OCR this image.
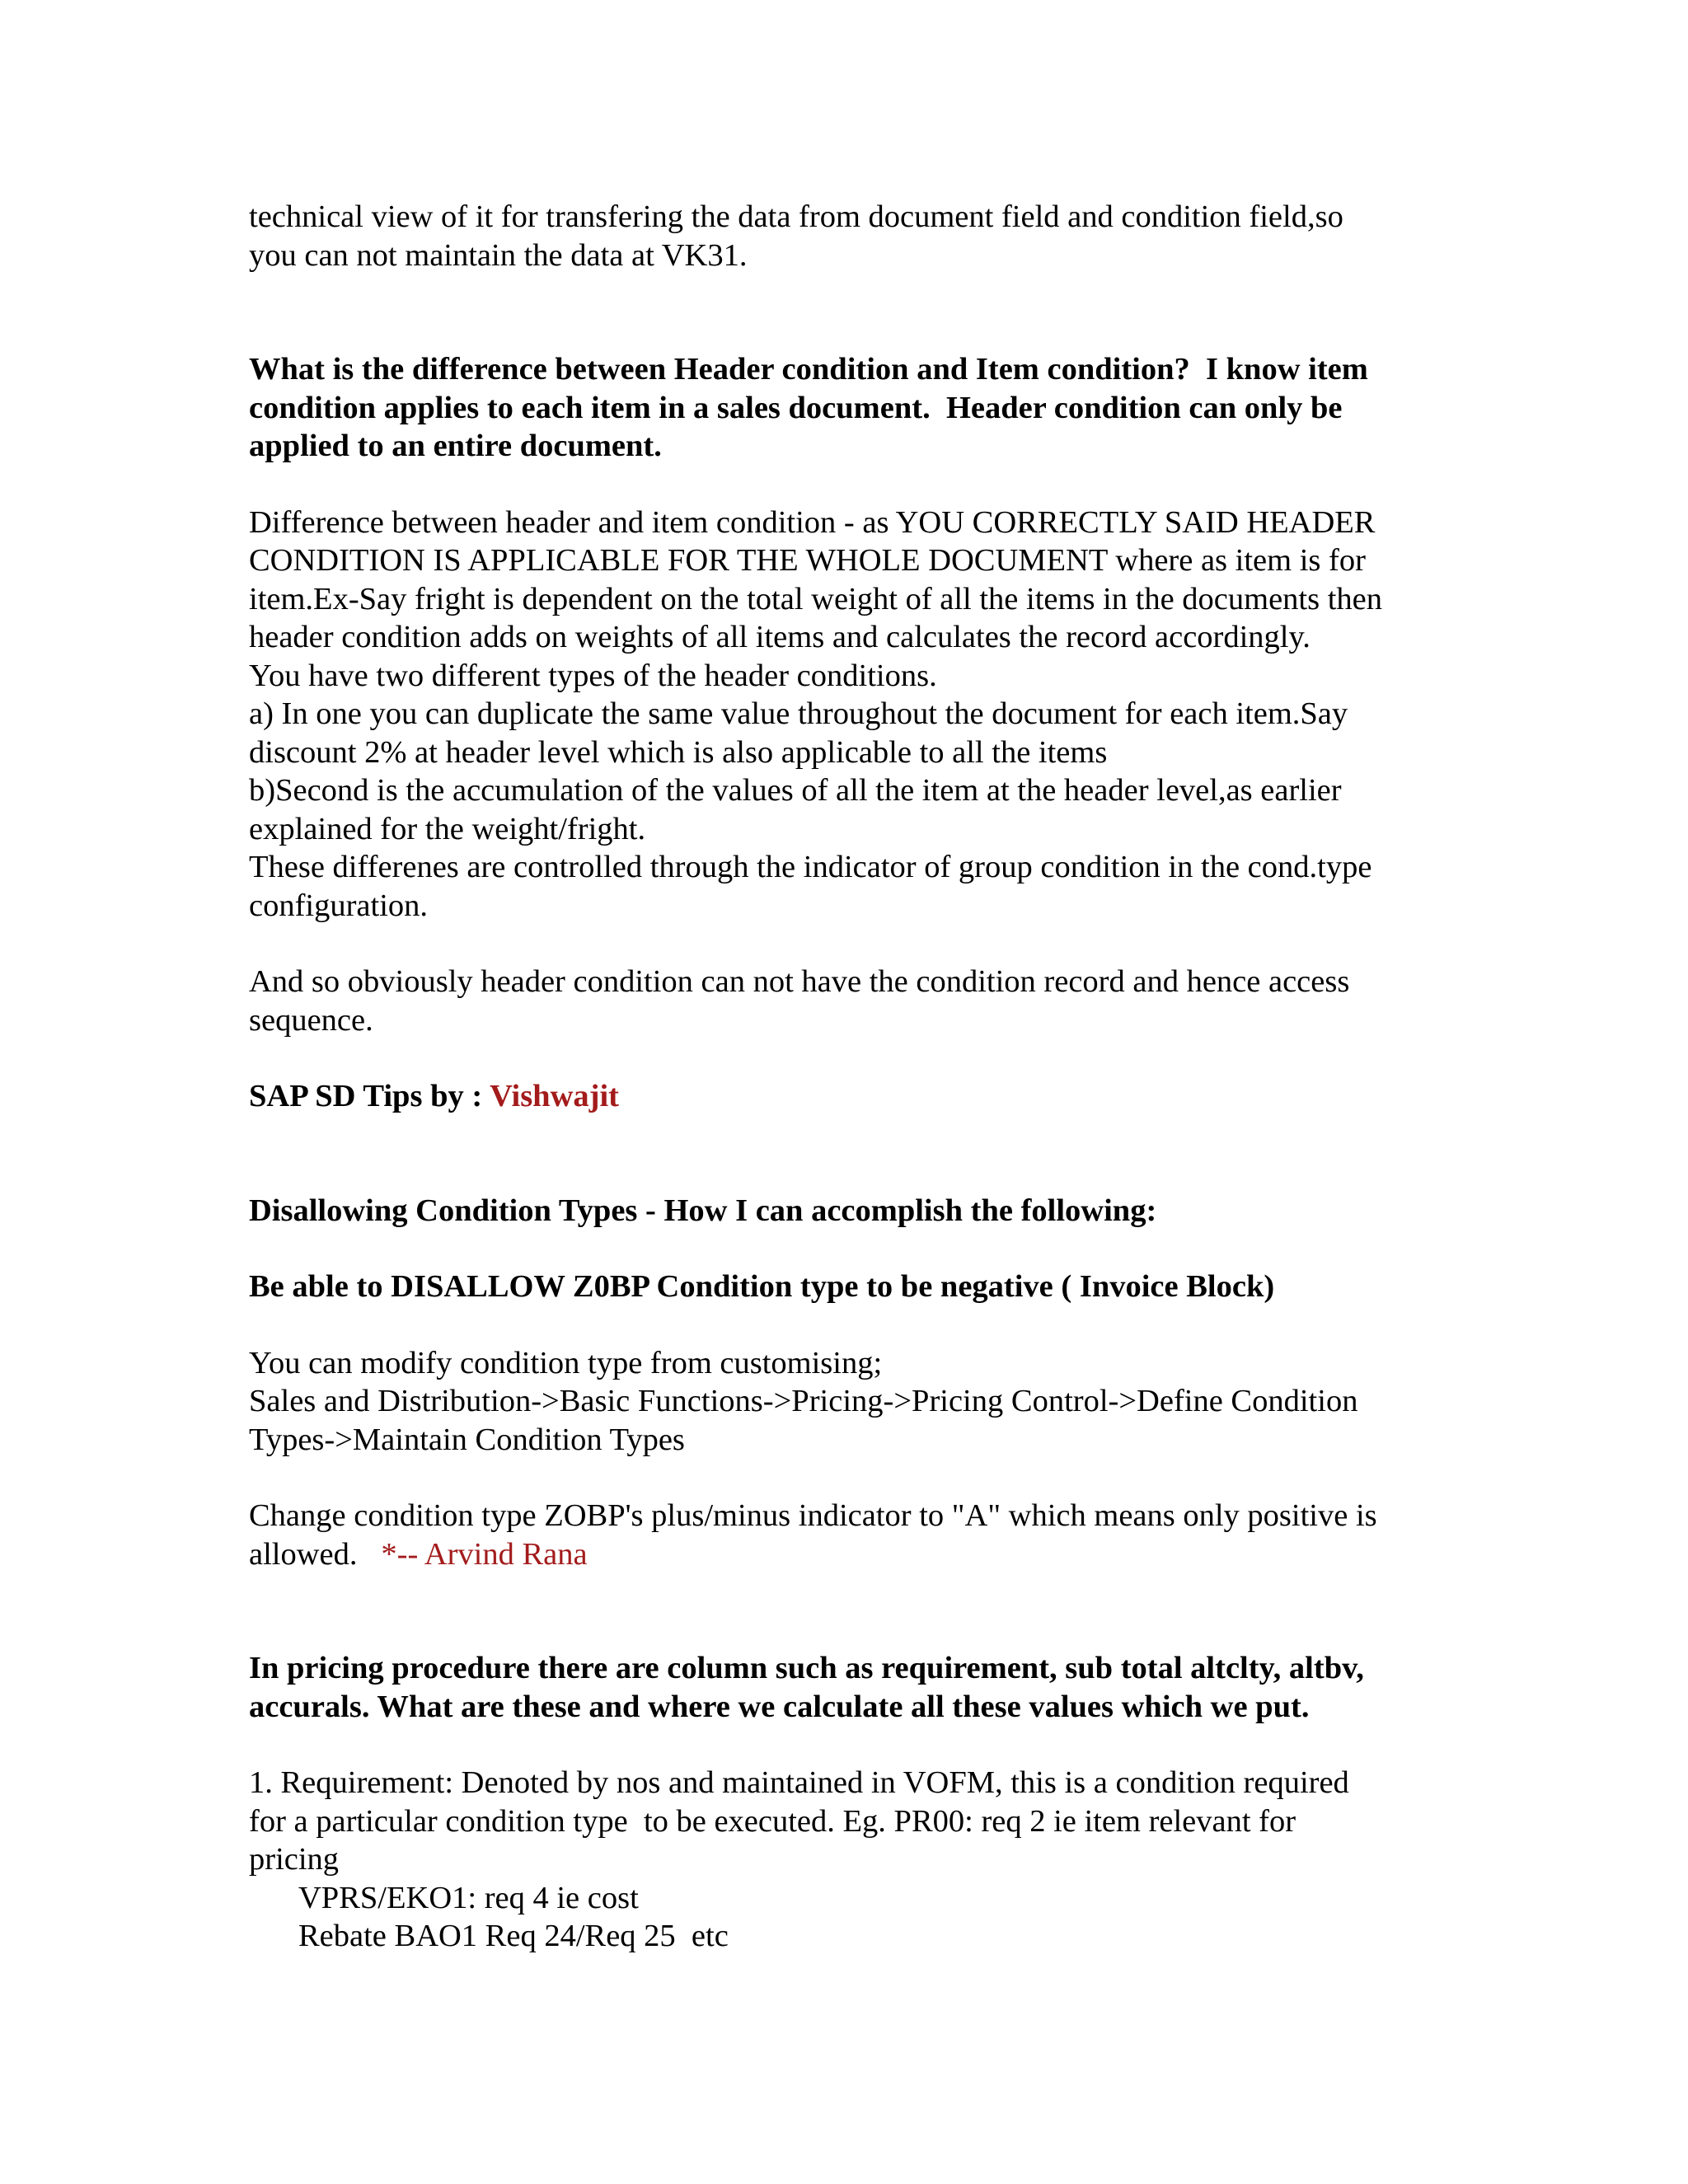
technical view of it for transfering the data from document field and condition field,so

you can not maintain the data at VK31.

What is the difference between Header condition and Item condition?  I know item

condition applies to each item in a sales document.  Header condition can only be

applied to an entire document.

Difference between header and item condition - as YOU CORRECTLY SAID HEADER

CONDITION IS APPLICABLE FOR THE WHOLE DOCUMENT where as item is for

item.Ex-Say fright is dependent on the total weight of all the items in the documents then

header condition adds on weights of all items and calculates the record accordingly.

You have two different types of the header conditions.

a) In one you can duplicate the same value throughout the document for each item.Say

discount 2% at header level which is also applicable to all the items

b)Second is the accumulation of the values of all the item at the header level,as earlier

explained for the weight/fright.

These differenes are controlled through the indicator of group condition in the cond.type

configuration.

And so obviously header condition can not have the condition record and hence access

sequence.

SAP SD Tips by : Vishwajit

Disallowing Condition Types - How I can accomplish the following:

Be able to DISALLOW Z0BP Condition type to be negative ( Invoice Block)

You can modify condition type from customising;

Sales and Distribution->Basic Functions->Pricing->Pricing Control->Define Condition

Types->Maintain Condition Types

Change condition type ZOBP's plus/minus indicator to "A" which means only positive is

allowed.   *-- Arvind Rana

In pricing procedure there are column such as requirement, sub total altclty, altbv,

accurals. What are these and where we calculate all these values which we put.

1. Requirement: Denoted by nos and maintained in VOFM, this is a condition required

for a particular condition type  to be executed. Eg. PR00: req 2 ie item relevant for

pricing

VPRS/EKO1: req 4 ie cost

Rebate BAO1 Req 24/Req 25  etc
